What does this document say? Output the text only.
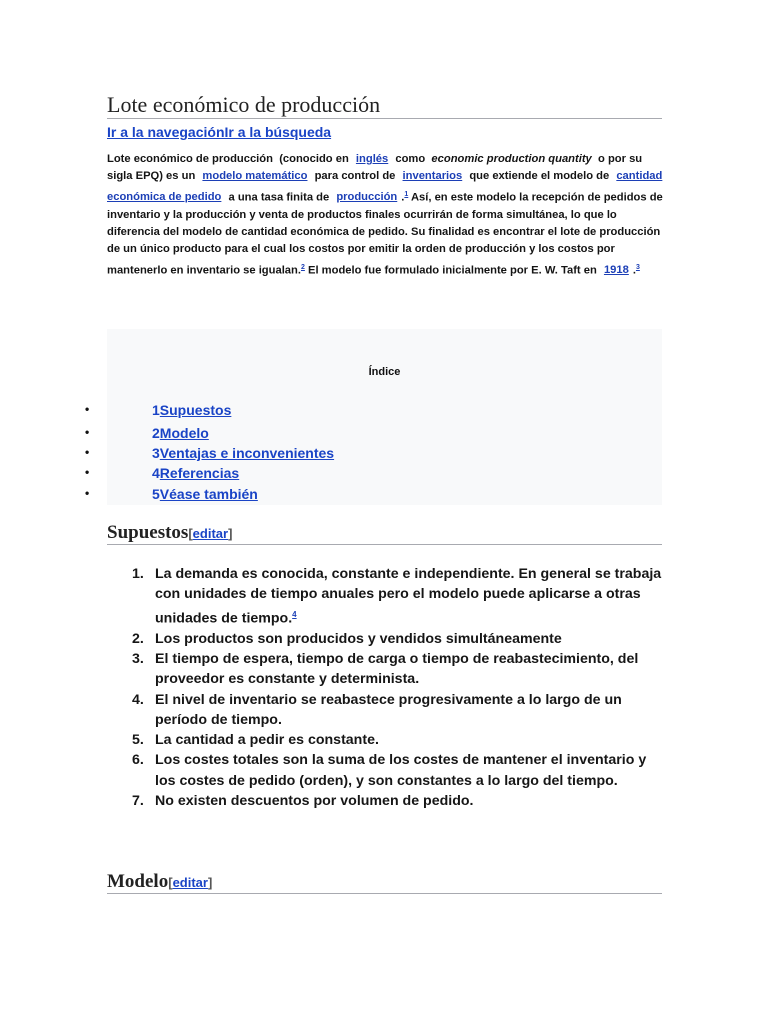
Lote económico de producción
Ir a la navegaciónIr a la búsqueda
Lote económico de producción (conocido en inglés como economic production quantity o por su sigla EPQ) es un modelo matemático para control de inventarios que extiende el modelo de cantidad económica de pedido a una tasa finita de producción .$^1$ Así, en este modelo la recepción de pedidos de inventario y la producción y venta de productos finales ocurrirán de forma simultánea, lo que lo diferencia del modelo de cantidad económica de pedido. Su finalidad es encontrar el lote de producción de un único producto para el cual los costos por emitir la orden de producción y los costos por mantenerlo en inventario se igualan.$^2$ El modelo fue formulado inicialmente por E. W. Taft en 1918 .$^3$
Índice
•	1Supuestos
•	2Modelo
•	3Ventajas e inconvenientes
•	4Referencias
•	5Véase también
Supuestos[editar]
1. La demanda es conocida, constante e independiente. En general se trabaja con unidades de tiempo anuales pero el modelo puede aplicarse a otras unidades de tiempo.$^4$
2. Los productos son producidos y vendidos simultáneamente
3. El tiempo de espera, tiempo de carga o tiempo de reabastecimiento, del proveedor es constante y determinista.
4. El nivel de inventario se reabastece progresivamente a lo largo de un período de tiempo.
5. La cantidad a pedir es constante.
6. Los costes totales son la suma de los costes de mantener el inventario y los costes de pedido (orden), y son constantes a lo largo del tiempo.
7. No existen descuentos por volumen de pedido.
Modelo[editar]
